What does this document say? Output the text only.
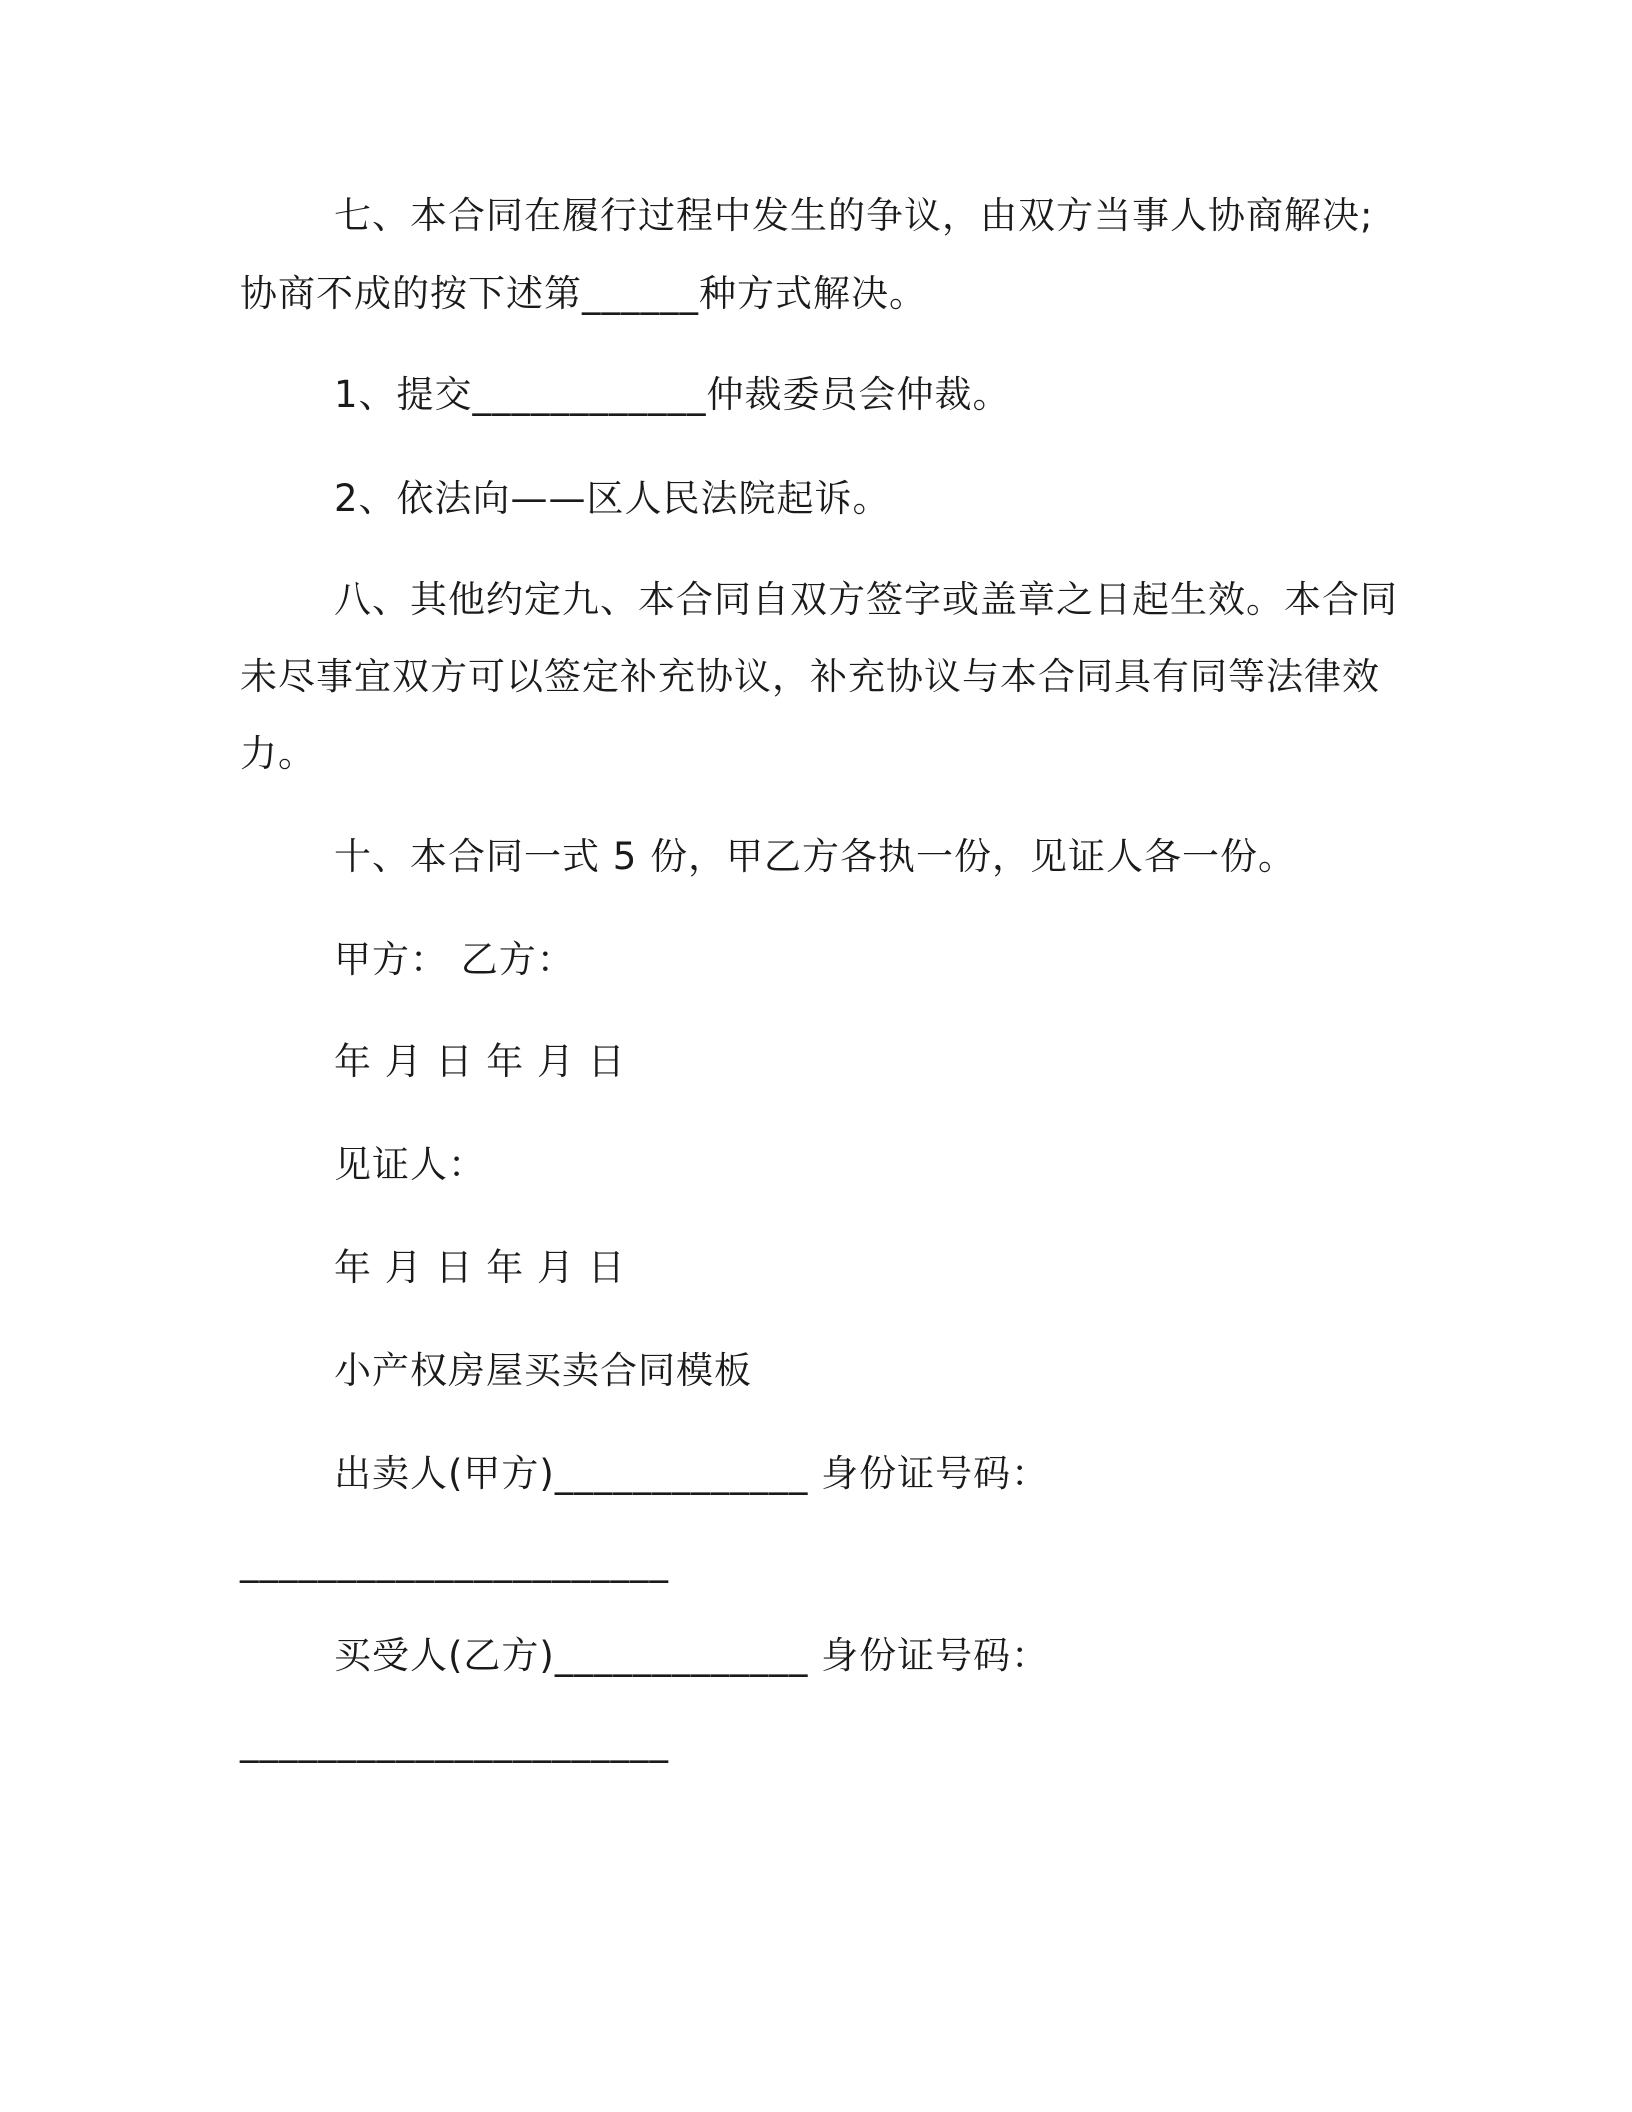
七、本合同在履行过程中发生的争议，由双方当事人协商解决;
协商不成的按下述第______种方式解决。
1、提交____________仲裁委员会仲裁。
2、依法向——区人民法院起诉。
八、其他约定九、本合同自双方签字或盖章之日起生效。本合同
未尽事宜双方可以签定补充协议，补充协议与本合同具有同等法律效
力。
十、本合同一式 5 份，甲乙方各执一份，见证人各一份。
甲方： 乙方：
年 月 日 年 月 日
见证人：
年 月 日 年 月 日
小产权房屋买卖合同模板
出卖人(甲方)_____________ 身份证号码：
______________________
买受人(乙方)_____________ 身份证号码：
______________________
